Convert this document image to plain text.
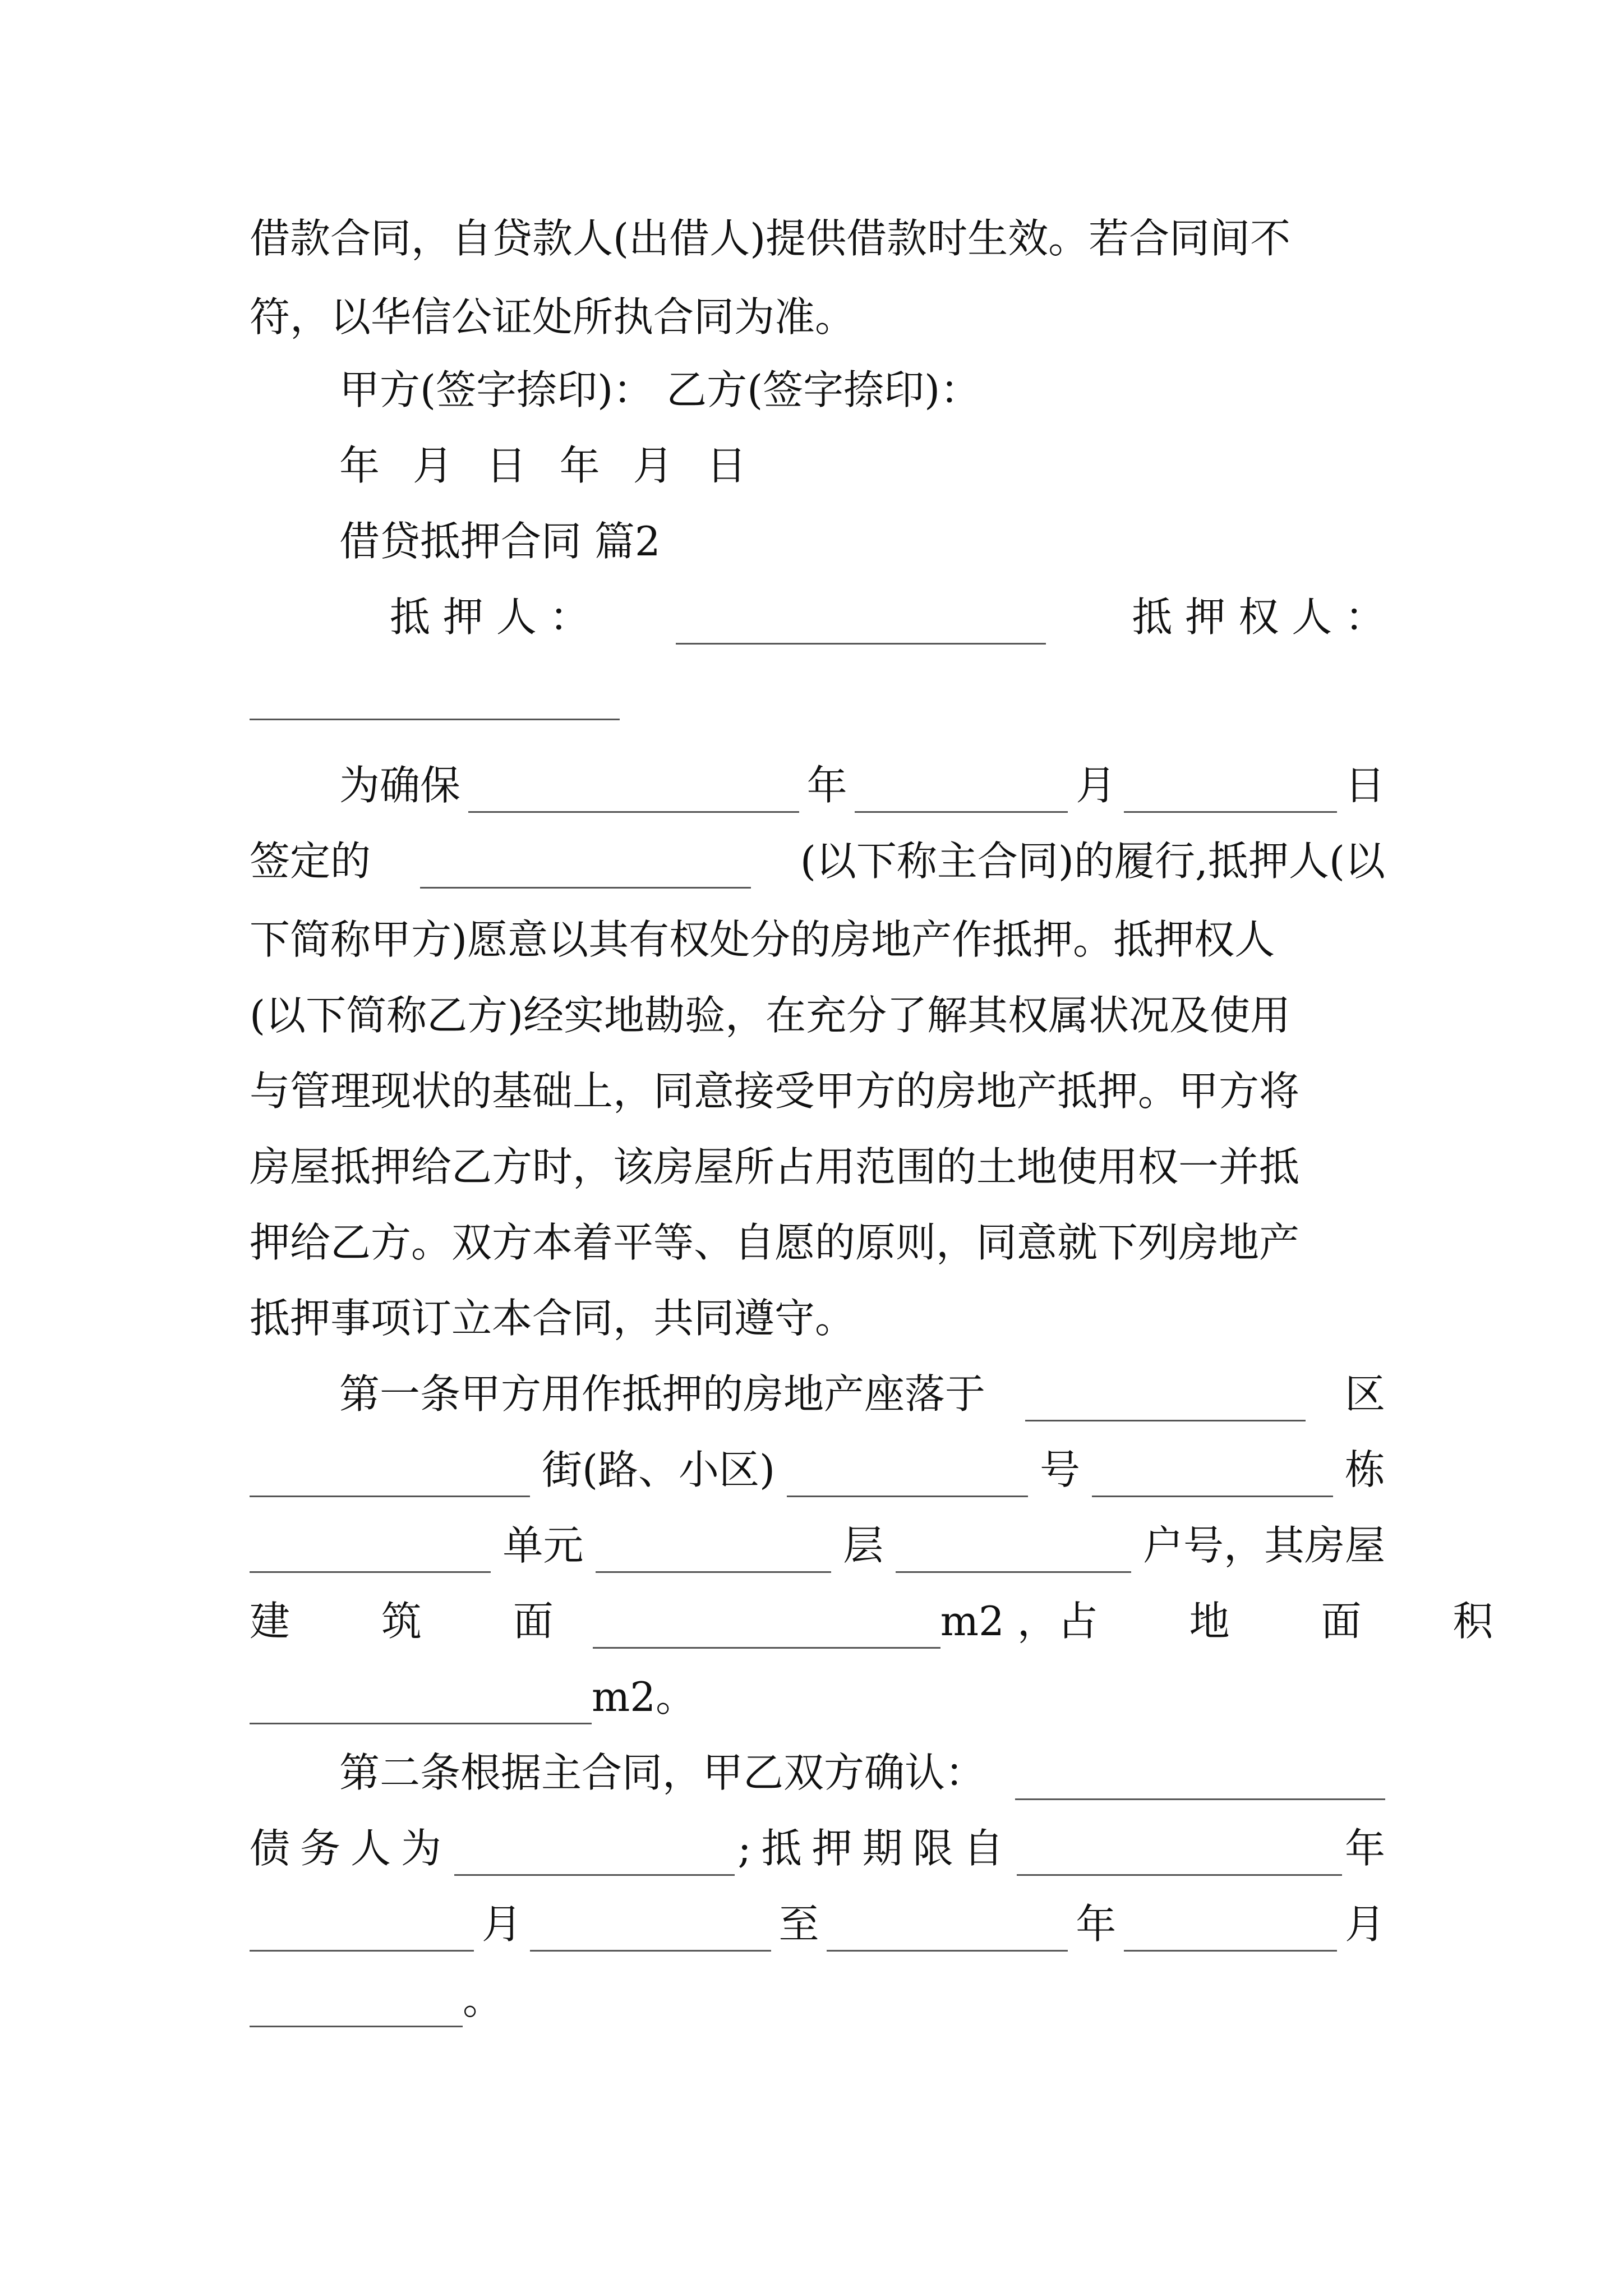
借款合同，自贷款人(出借人)提供借款时生效。若合同间不
符，以华信公证处所执合同为准。
甲方(签字捺印)： 乙方(签字捺印)：
年 月 日 年 月 日
借贷抵押合同 篇2
抵 押 人 ：	抵 押 权 人 ：
为确保	年	月	日
签定的	(以下称主合同)的履行,抵押人(以
下简称甲方)愿意以其有权处分的房地产作抵押。抵押权人
(以下简称乙方)经实地勘验，在充分了解其权属状况及使用
与管理现状的基础上，同意接受甲方的房地产抵押。甲方将
房屋抵押给乙方时，该房屋所占用范围的土地使用权一并抵
押给乙方。双方本着平等、自愿的原则，同意就下列房地产
抵押事项订立本合同，共同遵守。
第一条甲方用作抵押的房地产座落于	区
街(路、小区)	号	栋
单元	层	户号，其房屋
建 筑 面	m2 ， 占 地 面 积
m2。
第二条根据主合同，甲乙双方确认：
债务人为	;抵押期限自	年
月	至	年	月
。
